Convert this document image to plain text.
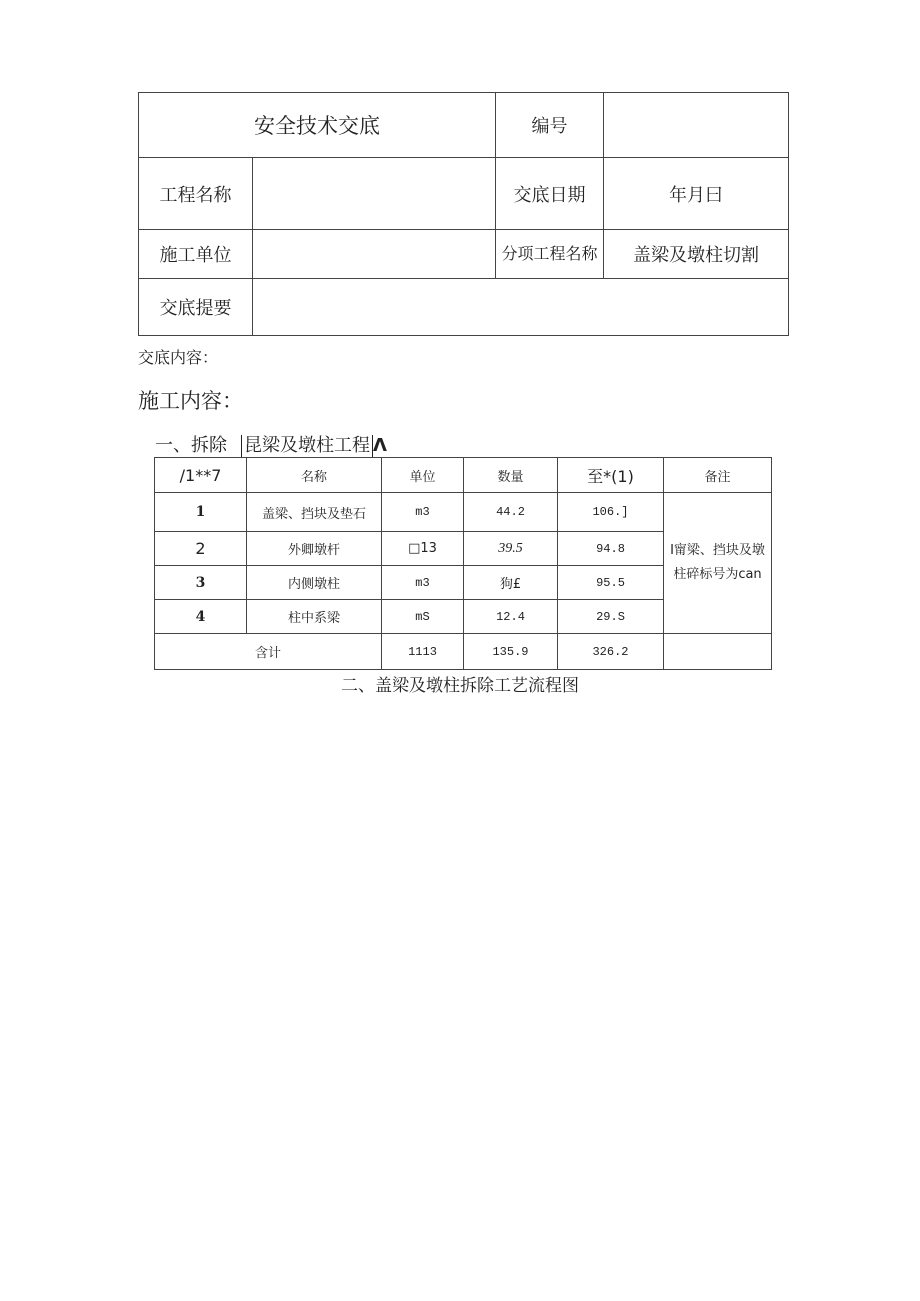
安全技术交底		编号	
工程名称		交底日期	年月曰
施工单位		分项工程名称	盖梁及墩柱切割
交底提要			
交底内容：
施工内容：
一、拆除 昆梁及墩柱工程 Λ
/1**7	名称	单位	数量	至*(1)	备注
1	盖梁、挡块及垫石	m3	44.2	106.]	I甯梁、挡块及墩柱碎标号为can
2	外卿墩杆	□13	39.5	94.8	
3	内侧墩柱	m3	狗£	95.5	
4	柱中系梁	mS	12.4	29.S	
含计		1113	135.9	326.2	
二、盖梁及墩柱拆除工艺流程图
